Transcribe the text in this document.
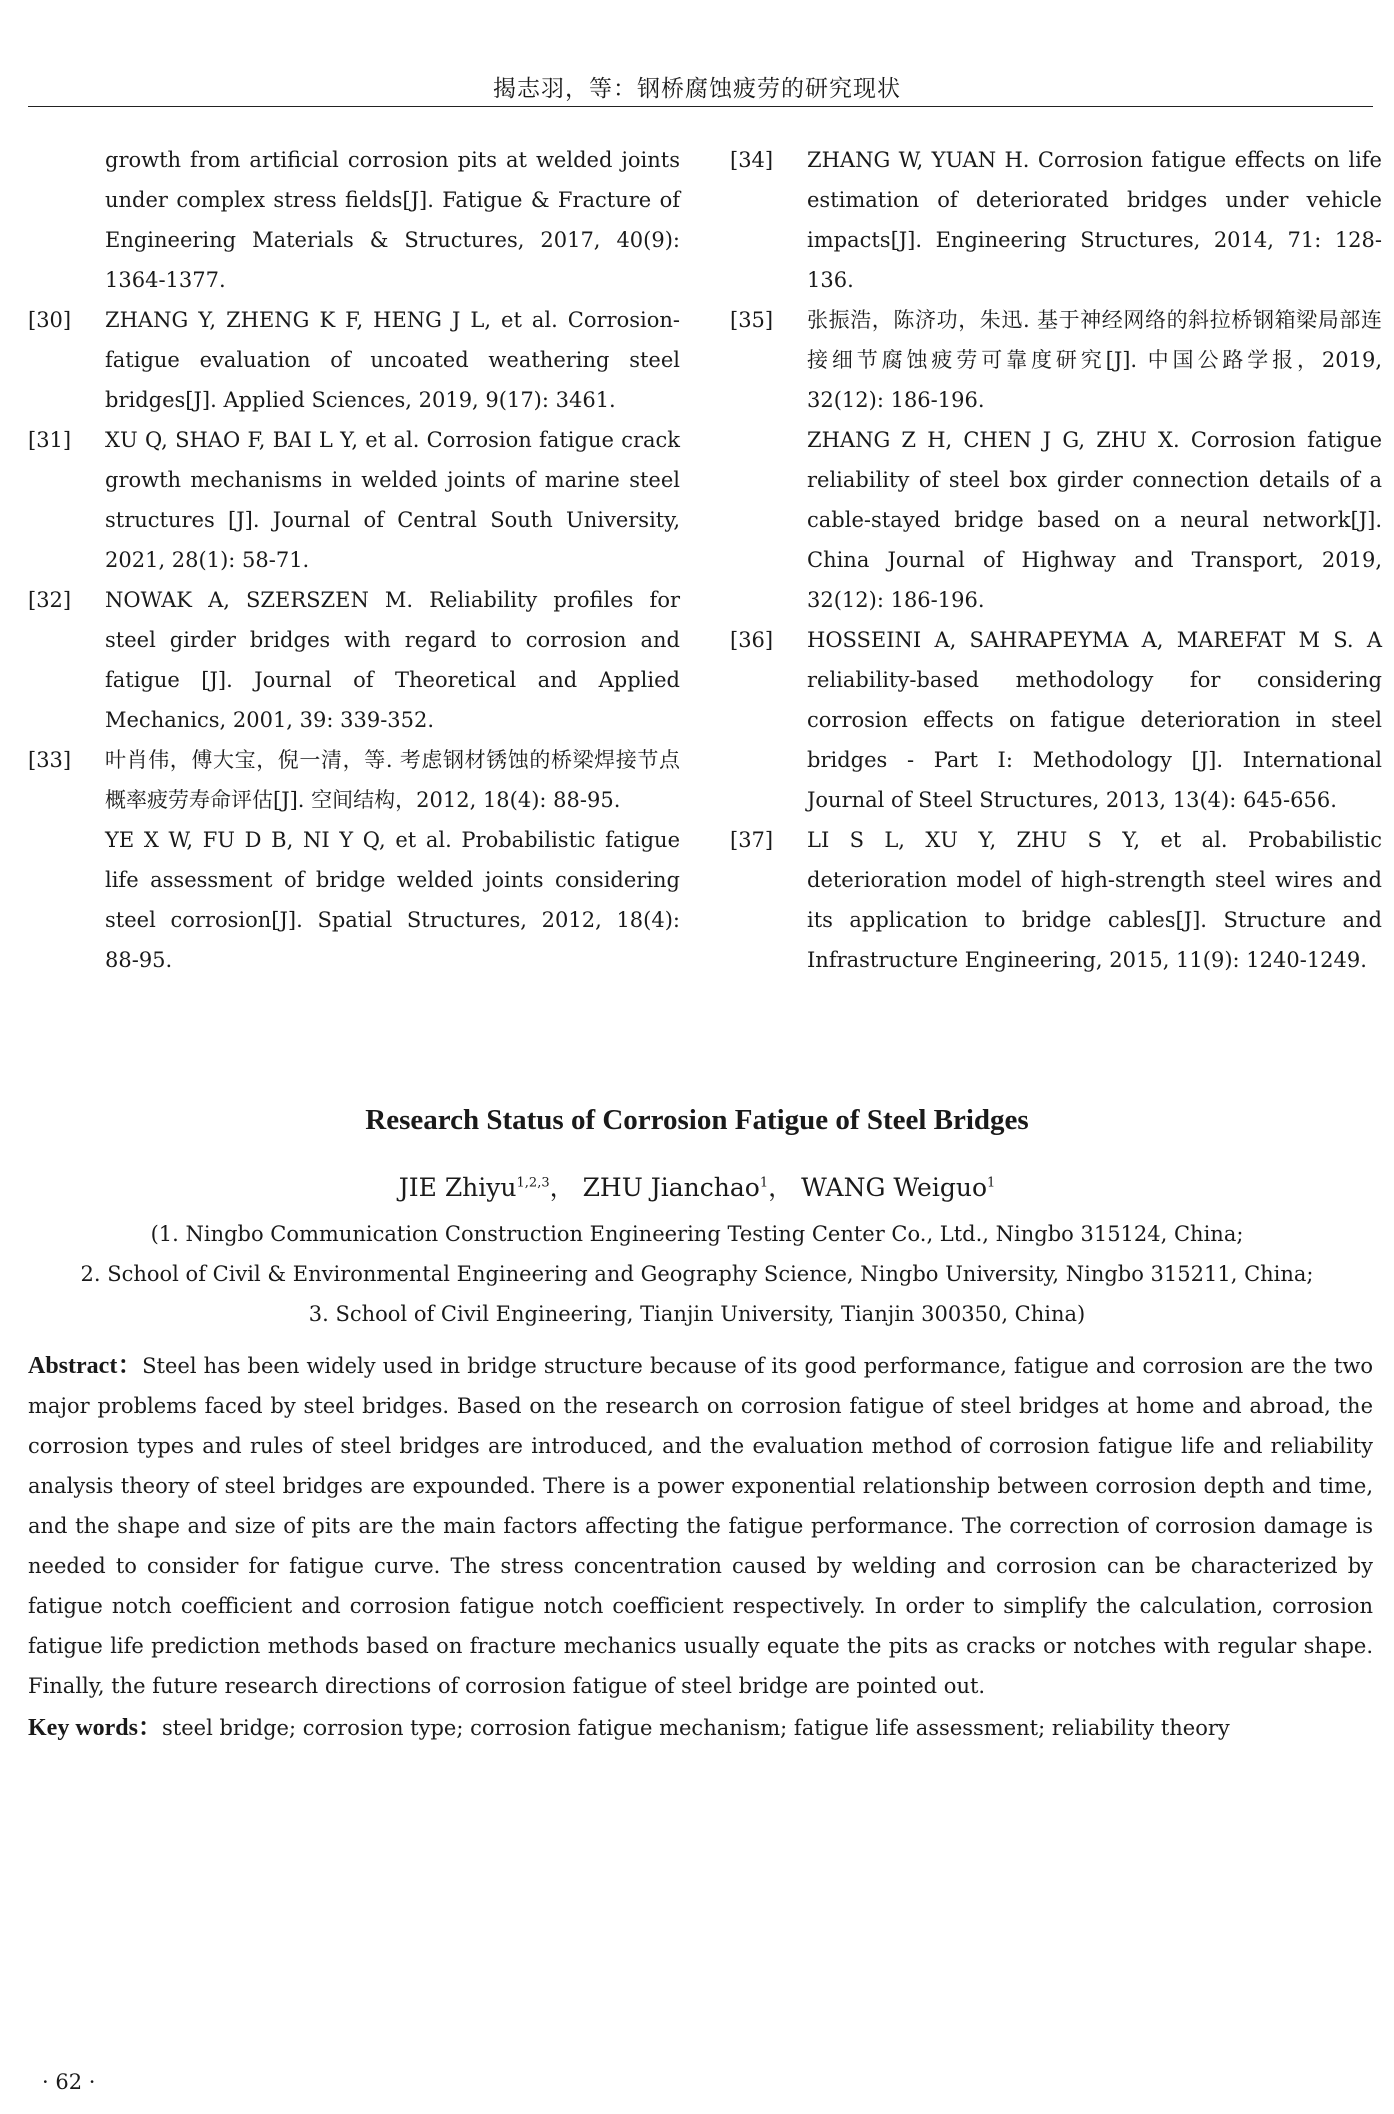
揭志羽，等：钢桥腐蚀疲劳的研究现状
growth from artificial corrosion pits at welded joints under complex stress fields[J]. Fatigue & Fracture of Engineering Materials & Structures, 2017, 40(9): 1364-1377.
[30] ZHANG Y, ZHENG K F, HENG J L, et al. Corrosion-fatigue evaluation of uncoated weathering steel bridges[J]. Applied Sciences, 2019, 9(17): 3461.
[31] XU Q, SHAO F, BAI L Y, et al. Corrosion fatigue crack growth mechanisms in welded joints of marine steel structures [J]. Journal of Central South University, 2021, 28(1): 58-71.
[32] NOWAK A, SZERSZEN M. Reliability profiles for steel girder bridges with regard to corrosion and fatigue [J]. Journal of Theoretical and Applied Mechanics, 2001, 39: 339-352.
[33] 叶肖伟，傅大宝，倪一清，等. 考虑钢材锈蚀的桥梁焊接节点概率疲劳寿命评估[J]. 空间结构，2012, 18(4): 88-95.
YE X W, FU D B, NI Y Q, et al. Probabilistic fatigue life assessment of bridge welded joints considering steel corrosion[J]. Spatial Structures, 2012, 18(4): 88-95.
[34] ZHANG W, YUAN H. Corrosion fatigue effects on life estimation of deteriorated bridges under vehicle impacts[J]. Engineering Structures, 2014, 71: 128-136.
[35] 张振浩，陈济功，朱迅. 基于神经网络的斜拉桥钢箱梁局部连接细节腐蚀疲劳可靠度研究[J]. 中国公路学报，2019, 32(12): 186-196.
ZHANG Z H, CHEN J G, ZHU X. Corrosion fatigue reliability of steel box girder connection details of a cable-stayed bridge based on a neural network[J]. China Journal of Highway and Transport, 2019, 32(12): 186-196.
[36] HOSSEINI A, SAHRAPEYMA A, MAREFAT M S. A reliability-based methodology for considering corrosion effects on fatigue deterioration in steel bridges - Part I: Methodology [J]. International Journal of Steel Structures, 2013, 13(4): 645-656.
[37] LI S L, XU Y, ZHU S Y, et al. Probabilistic deterioration model of high-strength steel wires and its application to bridge cables[J]. Structure and Infrastructure Engineering, 2015, 11(9): 1240-1249.
Research Status of Corrosion Fatigue of Steel Bridges
JIE Zhiyu$^{1,2,3}$， ZHU Jianchao$^1$， WANG Weiguo$^1$
(1. Ningbo Communication Construction Engineering Testing Center Co., Ltd., Ningbo 315124, China;
2. School of Civil & Environmental Engineering and Geography Science, Ningbo University, Ningbo 315211, China;
3. School of Civil Engineering, Tianjin University, Tianjin 300350, China)
Abstract：Steel has been widely used in bridge structure because of its good performance, fatigue and corrosion are the two major problems faced by steel bridges. Based on the research on corrosion fatigue of steel bridges at home and abroad, the corrosion types and rules of steel bridges are introduced, and the evaluation method of corrosion fatigue life and reliability analysis theory of steel bridges are expounded. There is a power exponential relationship between corrosion depth and time, and the shape and size of pits are the main factors affecting the fatigue performance. The correction of corrosion damage is needed to consider for fatigue curve. The stress concentration caused by welding and corrosion can be characterized by fatigue notch coefficient and corrosion fatigue notch coefficient respectively. In order to simplify the calculation, corrosion fatigue life prediction methods based on fracture mechanics usually equate the pits as cracks or notches with regular shape. Finally, the future research directions of corrosion fatigue of steel bridge are pointed out.
Key words：steel bridge; corrosion type; corrosion fatigue mechanism; fatigue life assessment; reliability theory
· 62 ·
